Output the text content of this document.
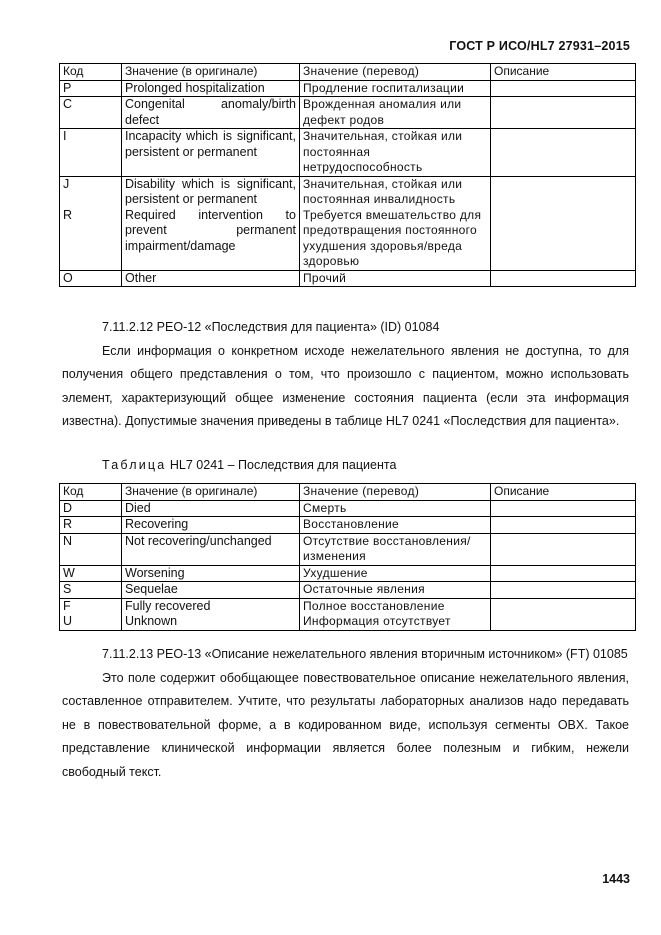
ГОСТ Р ИСО/HL7 27931–2015
Код	Значение (в оригинале)	Значение (перевод)	Описание
P	Prolonged hospitalization	Продление госпитализации	
C	Congenital anomaly/birth defect	Врожденная аномалия или дефект родов	
I	Incapacity which is significant, persistent or permanent	Значительная, стойкая или постоянная нетрудоспособность	
J	Disability which is significant, persistent or permanent	Значительная, стойкая или постоянная инвалидность	
R	Required intervention to prevent permanent impairment/damage	Требуется вмешательство для предотвращения постоянного ухудшения здоровья/вреда здоровью	
O	Other	Прочий	
7.11.2.12 PEO-12 «Последствия для пациента» (ID) 01084
Если информация о конкретном исходе нежелательного явления не доступна, то для получения общего представления о том, что произошло с пациентом, можно использовать элемент, характеризующий общее изменение состояния пациента (если эта информация известна). Допустимые значения приведены в таблице HL7 0241 «Последствия для пациента».
Таблица HL7 0241 – Последствия для пациента
Код	Значение (в оригинале)	Значение (перевод)	Описание
D	Died	Смерть	
R	Recovering	Восстановление	
N	Not recovering/unchanged	Отсутствие восстановления/ изменения	
W	Worsening	Ухудшение	
S	Sequelae	Остаточные явления	
F	Fully recovered	Полное восстановление	
U	Unknown	Информация отсутствует	
7.11.2.13 PEO-13 «Описание нежелательного явления вторичным источником» (FT) 01085
Это поле содержит обобщающее повествовательное описание нежелательного явления, составленное отправителем. Учтите, что результаты лабораторных анализов надо передавать не в повествовательной форме, а в кодированном виде, используя сегменты OBX. Такое представление клинической информации является более полезным и гибким, нежели свободный текст.
1443
